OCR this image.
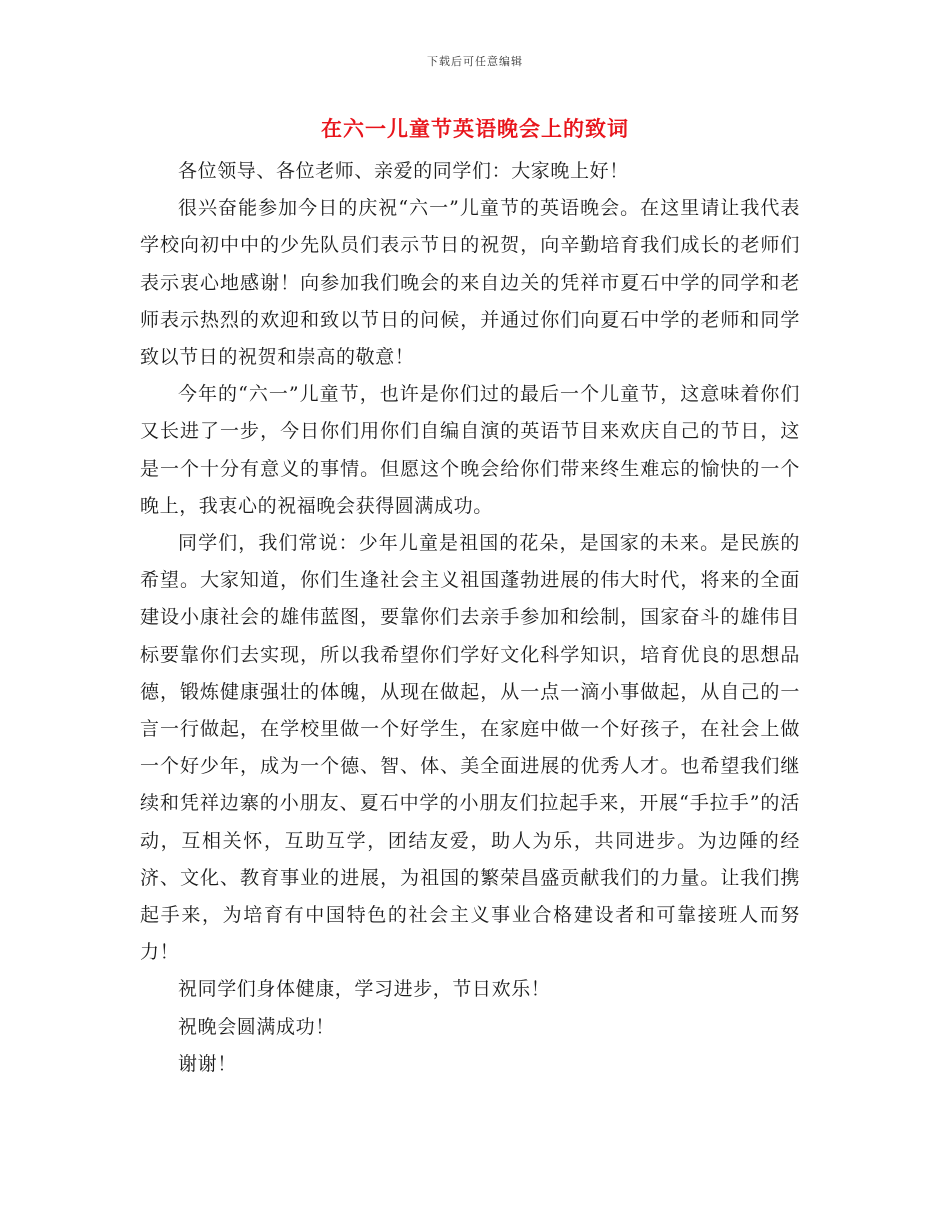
下载后可任意编辑
在六一儿童节英语晚会上的致词

各位领导、各位老师、亲爱的同学们：大家晚上好！

很兴奋能参加今日的庆祝“六一”儿童节的英语晚会。在这里请让我代表学校向初中中的少先队员们表示节日的祝贺，向辛勤培育我们成长的老师们表示衷心地感谢！向参加我们晚会的来自边关的凭祥市夏石中学的同学和老师表示热烈的欢迎和致以节日的问候，并通过你们向夏石中学的老师和同学致以节日的祝贺和崇高的敬意！

今年的“六一”儿童节，也许是你们过的最后一个儿童节，这意味着你们又长进了一步，今日你们用你们自编自演的英语节目来欢庆自己的节日，这是一个十分有意义的事情。但愿这个晚会给你们带来终生难忘的愉快的一个晚上，我衷心的祝福晚会获得圆满成功。

同学们，我们常说：少年儿童是祖国的花朵，是国家的未来。是民族的希望。大家知道，你们生逢社会主义祖国蓬勃进展的伟大时代，将来的全面建设小康社会的雄伟蓝图，要靠你们去亲手参加和绘制，国家奋斗的雄伟目标要靠你们去实现，所以我希望你们学好文化科学知识，培育优良的思想品德，锻炼健康强壮的体魄，从现在做起，从一点一滴小事做起，从自己的一言一行做起，在学校里做一个好学生，在家庭中做一个好孩子，在社会上做一个好少年，成为一个德、智、体、美全面进展的优秀人才。也希望我们继续和凭祥边寨的小朋友、夏石中学的小朋友们拉起手来，开展“手拉手”的活动，互相关怀，互助互学，团结友爱，助人为乐，共同进步。为边陲的经济、文化、教育事业的进展，为祖国的繁荣昌盛贡献我们的力量。让我们携起手来，为培育有中国特色的社会主义事业合格建设者和可靠接班人而努力！

祝同学们身体健康，学习进步，节日欢乐！

祝晚会圆满成功！

谢谢！
